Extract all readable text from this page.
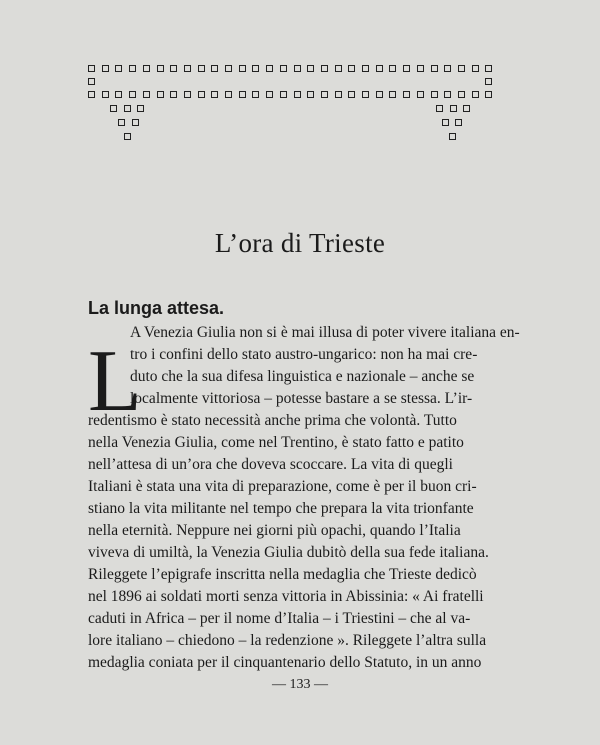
L’ora di Trieste
La lunga attesa.
L
A Venezia Giulia non si è mai illusa di poter vivere italiana en-
tro i confini dello stato austro-ungarico: non ha mai cre-
duto che la sua difesa linguistica e nazionale – anche se
localmente vittoriosa – potesse bastare a se stessa. L’ir-
redentismo è stato necessità anche prima che volontà. Tutto
nella Venezia Giulia, come nel Trentino, è stato fatto e patito
nell’attesa di un’ora che doveva scoccare. La vita di quegli
Italiani è stata una vita di preparazione, come è per il buon cri-
stiano la vita militante nel tempo che prepara la vita trionfante
nella eternità. Neppure nei giorni più opachi, quando l’Italia
viveva di umiltà, la Venezia Giulia dubitò della sua fede italiana.
Rileggete l’epigrafe inscritta nella medaglia che Trieste dedicò
nel 1896 ai soldati morti senza vittoria in Abissinia: « Ai fratelli
caduti in Africa – per il nome d’Italia – i Triestini – che al va-
lore italiano – chiedono – la redenzione ». Rileggete l’altra sulla
— 133 —
medaglia coniata per il cinquantenario dello Statuto, in un anno
